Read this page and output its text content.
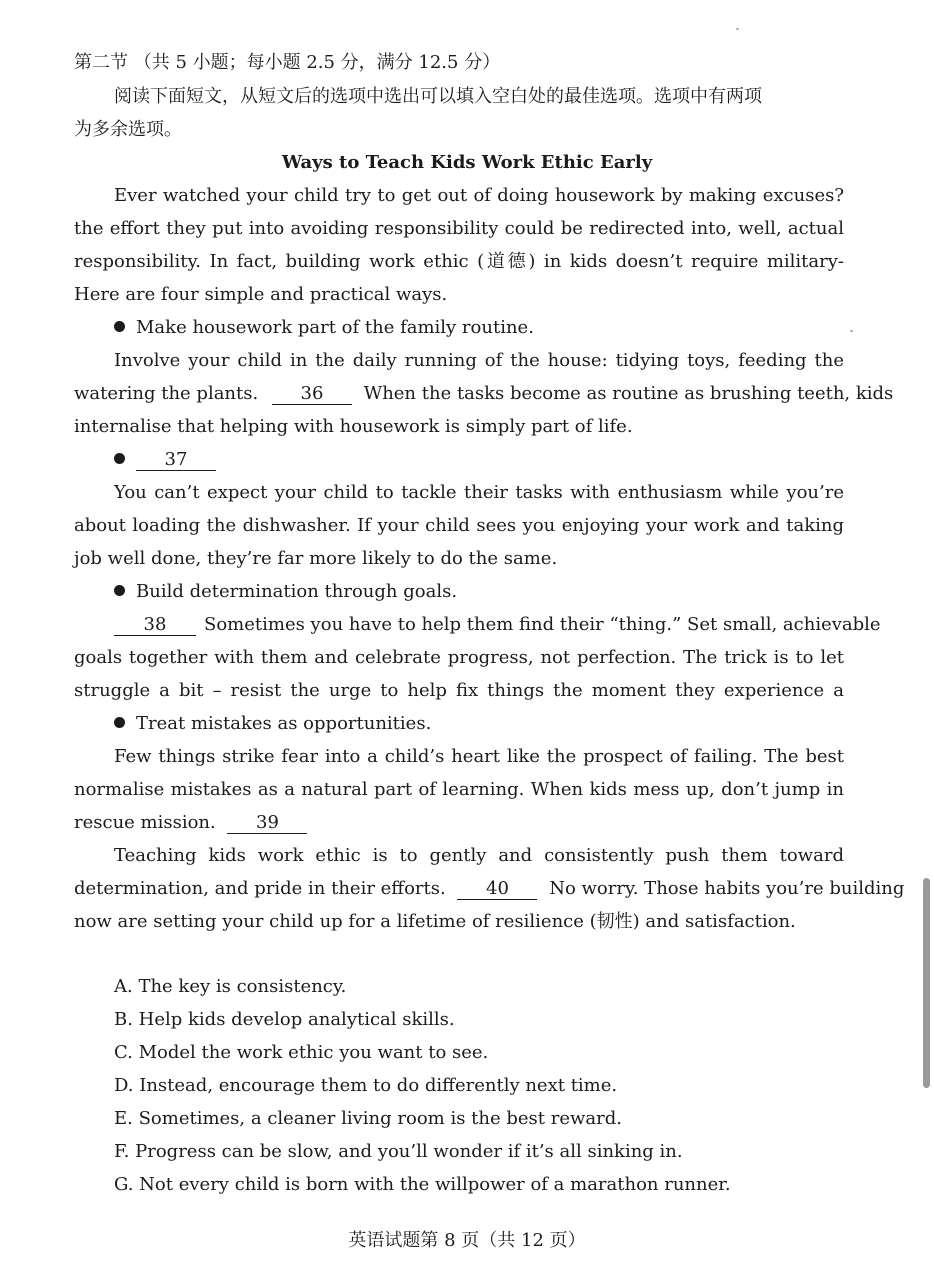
第二节 （共 5 小题；每小题 2.5 分，满分 12.5 分）
阅读下面短文，从短文后的选项中选出可以填入空白处的最佳选项。选项中有两项
为多余选项。
Ways to Teach Kids Work Ethic Early
Ever watched your child try to get out of doing housework by making excuses?
the effort they put into avoiding responsibility could be redirected into, well, actual
responsibility. In fact, building work ethic (道德) in kids doesn’t require military-
Here are four simple and practical ways.
Make housework part of the family routine.
Involve your child in the daily running of the house: tidying toys, feeding the
watering the plants. 36 When the tasks become as routine as brushing teeth, kids
internalise that helping with housework is simply part of life.
37
You can’t expect your child to tackle their tasks with enthusiasm while you’re
about loading the dishwasher. If your child sees you enjoying your work and taking
job well done, they’re far more likely to do the same.
Build determination through goals.
38 Sometimes you have to help them find their “thing.” Set small, achievable
goals together with them and celebrate progress, not perfection. The trick is to let
struggle a bit – resist the urge to help fix things the moment they experience a
Treat mistakes as opportunities.
Few things strike fear into a child’s heart like the prospect of failing. The best
normalise mistakes as a natural part of learning. When kids mess up, don’t jump in
rescue mission. 39
Teaching kids work ethic is to gently and consistently push them toward
determination, and pride in their efforts. 40 No worry. Those habits you’re building
now are setting your child up for a lifetime of resilience (韧性) and satisfaction.
A. The key is consistency.
B. Help kids develop analytical skills.
C. Model the work ethic you want to see.
D. Instead, encourage them to do differently next time.
E. Sometimes, a cleaner living room is the best reward.
F. Progress can be slow, and you’ll wonder if it’s all sinking in.
G. Not every child is born with the willpower of a marathon runner.
英语试题第 8 页（共 12 页）
